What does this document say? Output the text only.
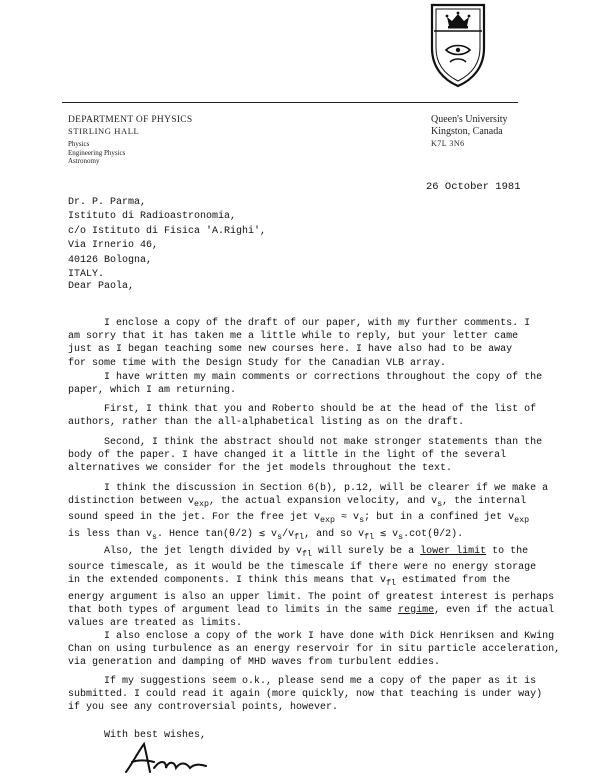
DEPARTMENT OF PHYSICS
STIRLING HALL
Physics
Engineering Physics
Astronomy
Queen's University
Kingston, Canada
K7L 3N6
26 October 1981
Dr. P. Parma,
Istituto di Radioastronomia,
c/o Istituto di Fisica 'A.Righi',
Via Irnerio 46,
40126 Bologna,
ITALY.
Dear Paola,
I enclose a copy of the draft of our paper, with my further comments. I
am sorry that it has taken me a little while to reply, but your letter came
just as I began teaching some new courses here. I have also had to be away
for some time with the Design Study for the Canadian VLB array.
I have written my main comments or corrections throughout the copy of the
paper, which I am returning.
First, I think that you and Roberto should be at the head of the list of
authors, rather than the all-alphabetical listing as on the draft.
Second, I think the abstract should not make stronger statements than the
body of the paper. I have changed it a little in the light of the several
alternatives we consider for the jet models throughout the text.
I think the discussion in Section 6(b), p.12, will be clearer if we make a
distinction between $v_{exp}$, the actual expansion velocity, and $v_s$, the internal
sound speed in the jet. For the free jet $v_{exp} \approx v_s$; but in a confined jet $v_{exp}$
is less than $v_s$. Hence tan(θ/2) ≲ $v_s/v_{fl}$, and so $v_{fl}$ ≲ $v_s.\cot(\theta/2)$.
Also, the jet length divided by $v_{fl}$ will surely be a lower limit to the
source timescale, as it would be the timescale if there were no energy storage
in the extended components. I think this means that $v_{fl}$ estimated from the
energy argument is also an upper limit. The point of greatest interest is perhaps
that both types of argument lead to limits in the same regime, even if the actual
values are treated as limits.
I also enclose a copy of the work I have done with Dick Henriksen and Kwing
Chan on using turbulence as an energy reservoir for in situ particle acceleration,
via generation and damping of MHD waves from turbulent eddies.
If my suggestions seem o.k., please send me a copy of the paper as it is
submitted. I could read it again (more quickly, now that teaching is under way)
if you see any controversial points, however.
With best wishes,
